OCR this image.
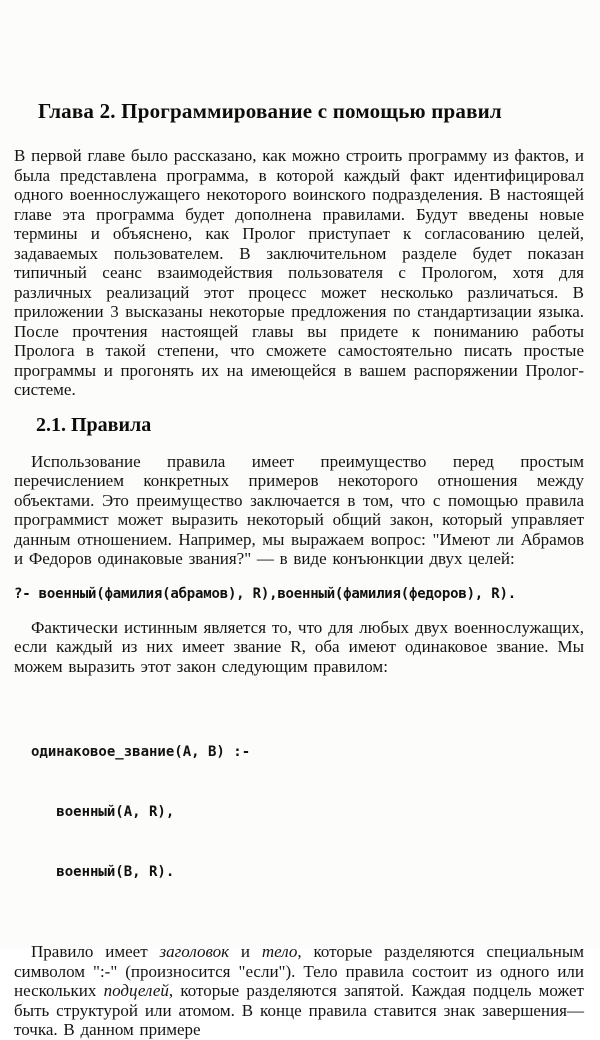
Глава 2. Программирование с помощью правил

В первой главе было рассказано, как можно строить программу из фактов, и была представлена программа, в которой каждый факт идентифицировал одного военнослужащего некоторого воинского подразделения. В настоящей главе эта программа будет дополнена правилами. Будут введены новые термины и объяснено, как Пролог приступает к согласованию целей, задаваемых пользователем. В заключительном разделе будет показан типичный сеанс взаимодействия пользователя с Прологом, хотя для различных реализаций этот процесс может несколько различаться. В приложении 3 высказаны некоторые предложения по стандартизации языка. После прочтения настоящей главы вы придете к пониманию работы Пролога в такой степени, что сможете самостоятельно писать простые программы и прогонять их на имеющейся в вашем распоряжении Пролог-системе.

2.1. Правила

Использование правила имеет преимущество перед простым перечислением конкретных примеров некоторого отношения между объектами. Это преимущество заключается в том, что с помощью правила программист может выразить некоторый общий закон, который управляет данным отношением. Например, мы выражаем вопрос: "Имеют ли Абрамов и Федоров одинаковые звания?" — в виде конъюнкции двух целей:

?- военный(фамилия(абрамов), R),военный(фамилия(федоров), R).

Фактически истинным является то, что для любых двух военнослужащих, если каждый из них имеет звание R, оба имеют одинаковое звание. Мы можем выразить этот закон следующим правилом:

одинаковое_звание(A, B) :-

военный(A, R),

военный(B, R).

Правило имеет заголовок и тело, которые разделяются специальным символом ":-" (произносится "если"). Тело правила состоит из одного или нескольких подцелей, которые разделяются запятой. Каждая подцель может быть структурой или атомом. В конце правила ставится знак завершения—точка. В данном примере
